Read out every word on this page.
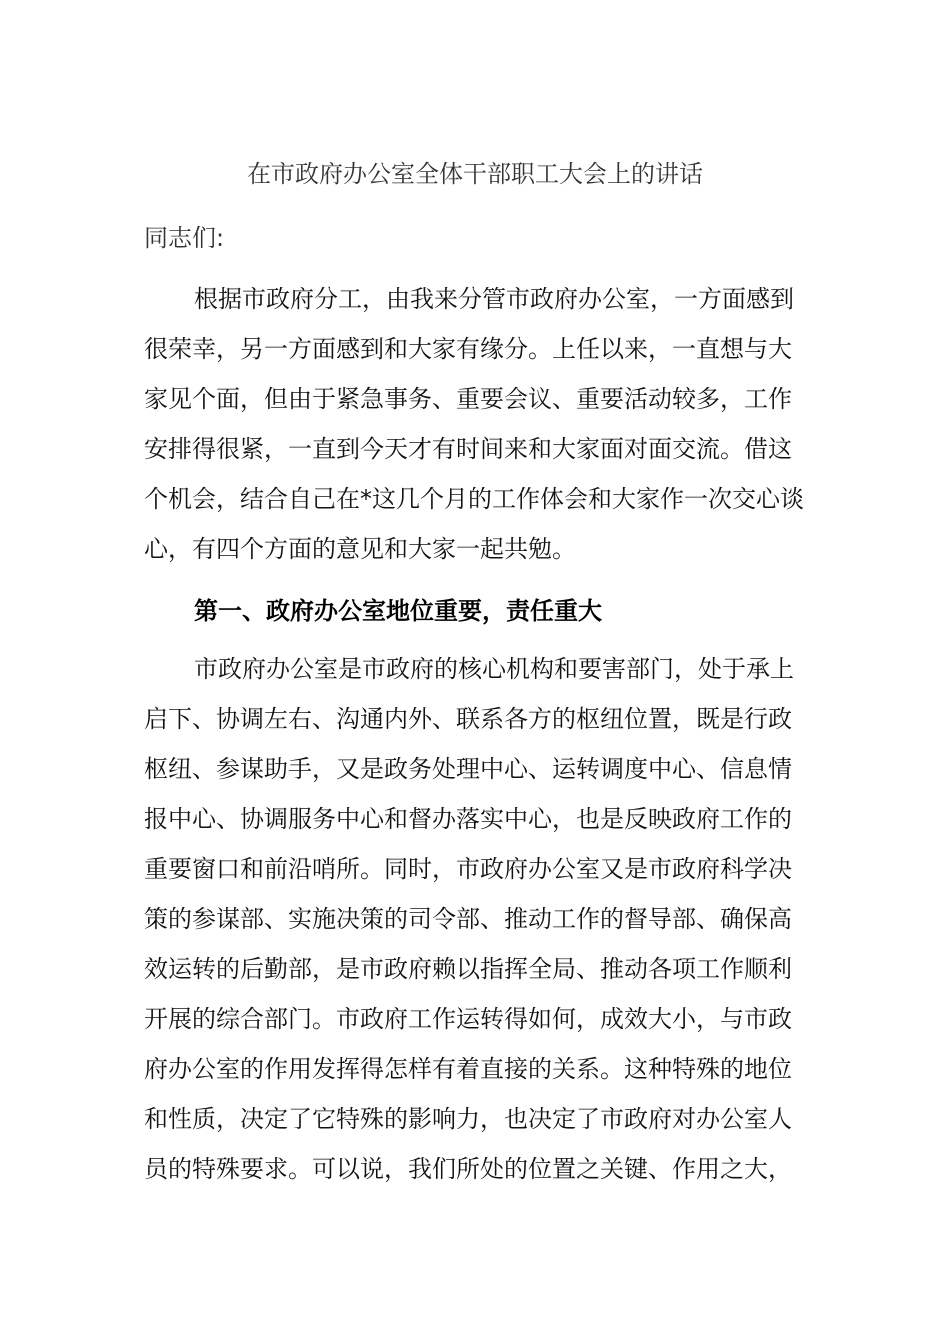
在市政府办公室全体干部职工大会上的讲话
同志们:
根据市政府分工，由我来分管市政府办公室，一方面感到
很荣幸，另一方面感到和大家有缘分。上任以来，一直想与大
家见个面，但由于紧急事务、重要会议、重要活动较多，工作
安排得很紧，一直到今天才有时间来和大家面对面交流。借这
个机会，结合自己在*这几个月的工作体会和大家作一次交心谈
心，有四个方面的意见和大家一起共勉。
第一、政府办公室地位重要，责任重大
市政府办公室是市政府的核心机构和要害部门，处于承上
启下、协调左右、沟通内外、联系各方的枢纽位置，既是行政
枢纽、参谋助手，又是政务处理中心、运转调度中心、信息情
报中心、协调服务中心和督办落实中心，也是反映政府工作的
重要窗口和前沿哨所。同时，市政府办公室又是市政府科学决
策的参谋部、实施决策的司令部、推动工作的督导部、确保高
效运转的后勤部，是市政府赖以指挥全局、推动各项工作顺利
开展的综合部门。市政府工作运转得如何，成效大小，与市政
府办公室的作用发挥得怎样有着直接的关系。这种特殊的地位
和性质，决定了它特殊的影响力，也决定了市政府对办公室人
员的特殊要求。可以说，我们所处的位置之关键、作用之大，
